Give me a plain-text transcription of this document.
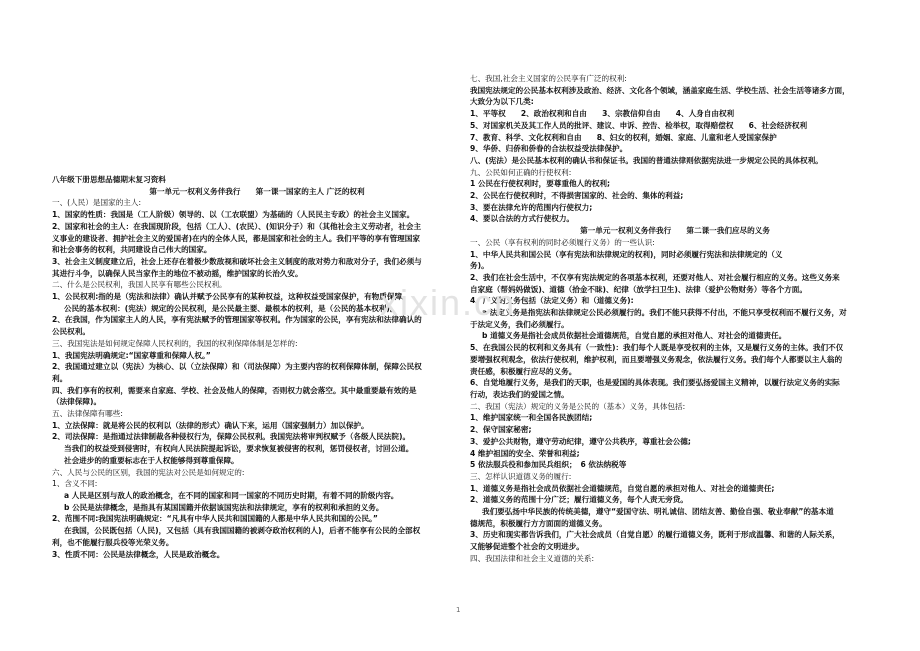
八年级下册思想品德期末复习资料

第一单元一权利义务伴我行　　第一课一国家的主人 广泛的权利

一、(人民）是国家的主人:

1、国家的性质：我国是（工人阶级）领导的、以（工农联盟）为基础的（人民民主专政）的社会主义国家。

2、国家和社会的主人：在我国现阶段，包括（工人）、(农民）、(知识分子）和（其他社会主义劳动者，社会主

义事业的建设者、拥护社会主义的爱国者)在内的全体人民，都是国家和社会的主人。我们平等的享有管理国家

和社会事务的权利，共同建设自己伟大的国家。

3、社会主义制度建立后，社会上还存在着极少数敌视和破坏社会主义制度的敌对势力和敌对分子，我们必须与

其进行斗争，以确保人民当家作主的地位不被动摇，维护国家的长治久安。

二、什么是公民权利，我国人民享有哪些公民权利。

1、公民权利:指的是（宪法和法律）确认并赋予公民享有的某种权益，这种权益受国家保护，有物质保障。

公民的基本权利：(宪法）规定的公民权利，是公民最主要、最根本的权利，是（公民的基本权利)。

2、在我国，作为国家主人的人民，享有宪法赋予的管理国家等权利。作为国家的公民，享有宪法和法律确认的

公民权利。

三、我国宪法是如何规定保障人民权利的，我国的权利保障体制是怎样的:

1、我国宪法明确规定:“国家尊重和保障人权。”

2、我国通过建立以（宪法）为核心、以（立法保障）和（司法保障）为主要内容的权利保障体制，保障公民权

利。

四、我们享有的权利，需要来自家庭、学校、社会及他人的保障，否则权力就会落空。其中最重要最有效的是

（法律保障)。

五、法律保障有哪些:

1、立法保障：就是将公民的权利以（法律的形式）确认下来，运用（国家强制力）加以保护。

2、司法保障：是指通过法律制裁各种侵权行为，保障公民权利。我国宪法将审判权赋予（各级人民法院)。

当我们的权益受到侵害时，有权向人民法院提起诉讼，要求恢复被侵害的权利，惩罚侵权者，讨回公道。

社会进步的的重要标志在于人权能够得到尊重保障。

六、人民与公民的区别，我国的宪法对公民是如何规定的:

1、含义不同:

a 人民是区别与敌人的政治概念，在不同的国家和同一国家的不同历史时期，有着不同的阶级内容。

b 公民是法律概念，是指具有某国国籍并依据该国宪法和法律规定，享有的权利和承担的义务。

2、范围不同:我国宪法明确规定：“凡具有中华人民共和国国籍的人都是中华人民共和国的公民。”

在我国，公民既包括（人民)，又包括（具有我国国籍的被剥夺政治权利的人)，后者不能享有公民的全部权

利，也不能履行服兵役等光荣义务。

3、性质不同：公民是法律概念，人民是政治概念。

七、我国,社会主义国家的公民享有广泛的权利:

我国宪法规定的公民基本权利涉及政治、经济、文化各个领域，涵盖家庭生活、学校生活、社会生活等诸多方面，

大致分为以下几类:

1、平等权　　2、政治权利和自由　　3、宗教信仰自由　　4、人身自由权利

5、对国家机关及其工作人员的批评、建议、申诉、控告、检举权，取得赔偿权　　6、社会经济权利

7、教育、科学、文化权利和自由　　8、妇女的权利，婚姻、家庭、儿童和老人受国家保护

9、华侨、归侨和侨眷的合法权益受法律保护。

八、(宪法）是公民基本权利的确认书和保证书。我国的普通法律则依据宪法进一步规定公民的具体权利。

九、公民如何正确的行使权利:

1 公民在行使权利时，要尊重他人的权利;

2、公民在行使权利时，不得损害国家的、社会的、集体的利益;

3、要在法律允许的范围内行使权力;

4、要以合法的方式行使权力。

第一单元一权利义务伴我行　　第二课一我们应尽的义务

一、公民（享有权利的同时必须履行义务）的一些认识:

1、中华人民共和国公民（享有宪法和法律规定的权利)，同时必须履行宪法和法律规定的（义

务)。

2、我们在社会生活中，不仅享有宪法规定的各项基本权利，还要对他人、对社会履行相应的义务。这些义务来

自家庭（帮妈妈做饭)、道德（拾金不昧)、纪律（放学扫卫生)、法律（爱护公物财务）等各个方面。

4、广义的义务包括（法定义务）和（道德义务):

a 法定义务是指宪法和法律规定公民必须履行的。我们不能只获得不付出，不能只享受权利而不履行义务，对

于法定义务，我们必须履行。

b 道德义务是指社会成员依据社会道德规范，自觉自愿的承担对他人、对社会的道德责任。

5、在我国公民的权利和义务具有（一致性)：我们每个人既是享受权利的主体，又是履行义务的主体。我们不仅

要增强权利观念，依法行使权利，维护权利，而且要增强义务观念，依法履行义务。我们每个人都要以主人翁的

责任感，积极履行应尽的义务。

6、自觉地履行义务，是我们的天职，也是爱国的具体表现。我们要弘扬爱国主义精神，以履行法定义务的实际

行动，表达我们的爱国之情。

二、我国（宪法）规定的义务是公民的（基本）义务，具体包括:

1、维护国家统一和全国各民族团结;

2、保守国家秘密;

3、爱护公共财物，遵守劳动纪律，遵守公共秩序，尊重社会公德;

4 维护祖国的安全、荣誉和利益;

5 依法服兵役和参加民兵组织；　6 依法纳税等

三、怎样认识道德义务的履行:

1、道德义务是指社会成员依据社会道德规范，自觉自愿的承担对他人、对社会的道德责任;

2、道德义务的范围十分广泛；履行道德义务，每个人责无旁贷。

我们要弘扬中华民族的传统美德，遵守“爱国守法、明礼诚信、团结友善、勤俭自强、敬业奉献”的基本道

德规范，积极履行方方面面的道德义务。

3、历史和现实都告诉我们，广大社会成员（自觉自愿）的履行道德义务，既利于形成温馨、和谐的人际关系，

又能够促进整个社会的文明进步。

四、我国法律和社会主义道德的关系:

xixin.cn
1
